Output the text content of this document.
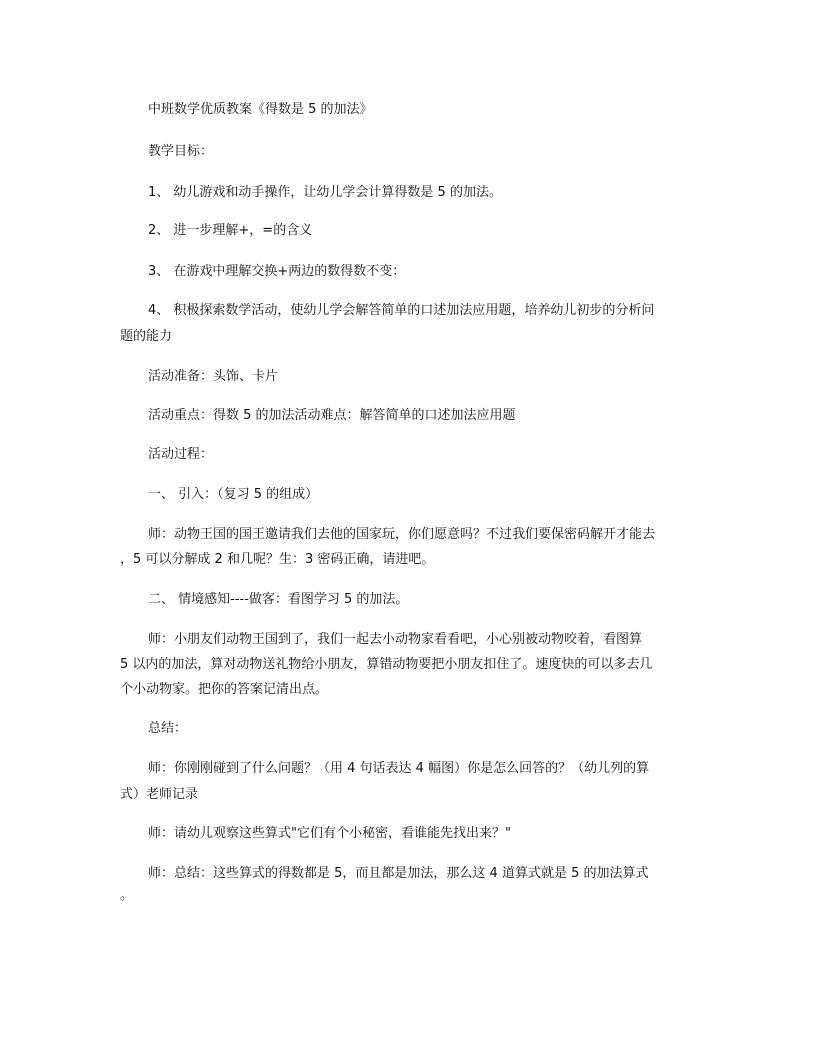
中班数学优质教案《得数是 5 的加法》
教学目标：
1、 幼儿游戏和动手操作，让幼儿学会计算得数是 5 的加法。
2、 进一步理解+，=的含义
3、 在游戏中理解交换+两边的数得数不变：
4、 积极探索数学活动，使幼儿学会解答简单的口述加法应用题，培养幼儿初步的分析问
题的能力
活动准备：头饰、卡片
活动重点：得数 5 的加法活动难点：解答简单的口述加法应用题
活动过程：
一、 引入：（复习 5 的组成）
师：动物王国的国王邀请我们去他的国家玩，你们愿意吗？不过我们要保密码解开才能去
，5 可以分解成 2 和几呢？生：3 密码正确，请进吧。
二、 情境感知----做客：看图学习 5 的加法。
师：小朋友们动物王国到了，我们一起去小动物家看看吧，小心别被动物咬着，看图算
5 以内的加法，算对动物送礼物给小朋友，算错动物要把小朋友扣住了。速度快的可以多去几
个小动物家。把你的答案记清出点。
总结：
师：你刚刚碰到了什么问题？（用 4 句话表达 4 幅图）你是怎么回答的？（幼儿列的算
式）老师记录
师：请幼儿观察这些算式"它们有个小秘密，看谁能先找出来？"
师：总结：这些算式的得数都是 5，而且都是加法，那么这 4 道算式就是 5 的加法算式
。
